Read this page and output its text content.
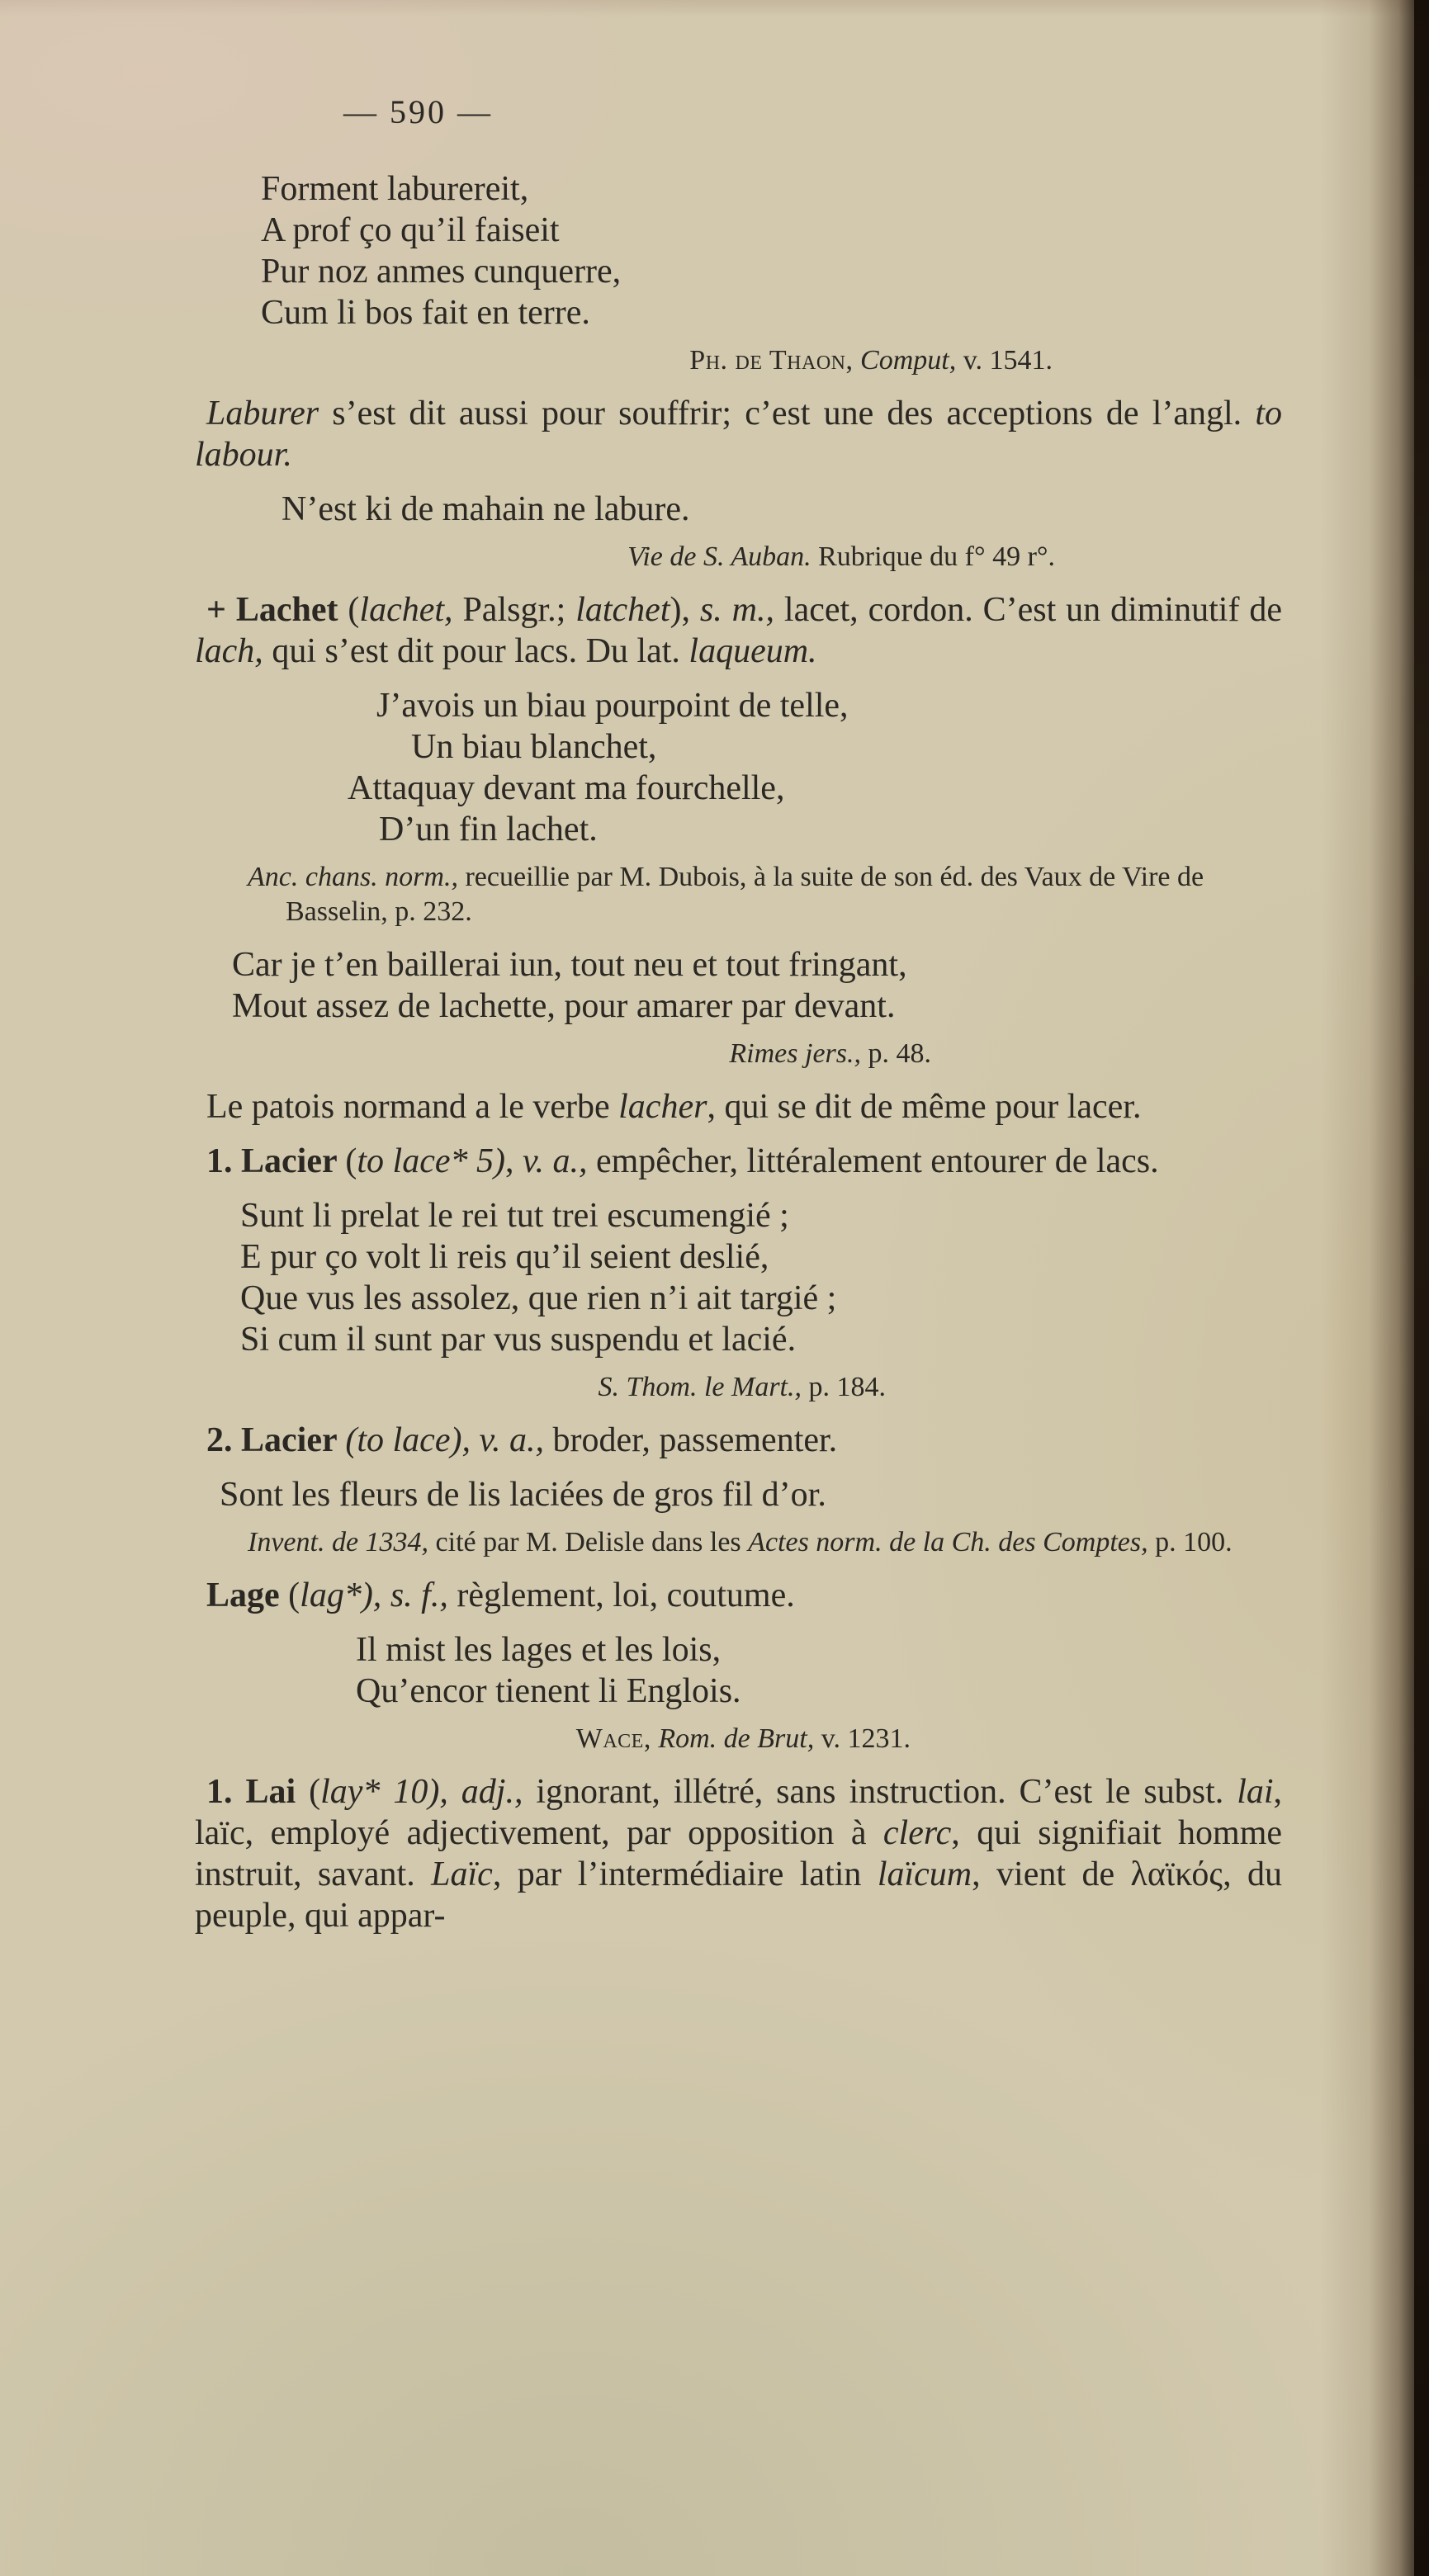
— 590 —
Forment laburereit,
A prof ço qu’il faiseit
Pur noz anmes cunquerre,
Cum li bos fait en terre.
Ph. de Thaon, Comput, v. 1541.
Laburer s’est dit aussi pour souffrir; c’est une des acceptions de l’angl. to labour.
N’est ki de mahain ne labure.
Vie de S. Auban. Rubrique du f° 49 r°.
+ Lachet (lachet, Palsgr.; latchet), s. m., lacet, cordon. C’est un diminutif de lach, qui s’est dit pour lacs. Du lat. laqueum.
J’avois un biau pourpoint de telle,
Un biau blanchet,
Attaquay devant ma fourchelle,
D’un fin lachet.
Anc. chans. norm., recueillie par M. Dubois, à la suite de son éd. des Vaux de Vire de Basselin, p. 232.
Car je t’en baillerai iun, tout neu et tout fringant,
Mout assez de lachette, pour amarer par devant.
Rimes jers., p. 48.
Le patois normand a le verbe lacher, qui se dit de même pour lacer.
1. Lacier (to lace* 5), v. a., empêcher, littéralement entourer de lacs.
Sunt li prelat le rei tut trei escumengié ;
E pur ço volt li reis qu’il seient deslié,
Que vus les assolez, que rien n’i ait targié ;
Si cum il sunt par vus suspendu et lacié.
S. Thom. le Mart., p. 184.
2. Lacier (to lace), v. a., broder, passementer.
Sont les fleurs de lis laciées de gros fil d’or.
Invent. de 1334, cité par M. Delisle dans les Actes norm. de la Ch. des Comptes, p. 100.
Lage (lag*), s. f., règlement, loi, coutume.
Il mist les lages et les lois,
Qu’encor tienent li Englois.
Wace, Rom. de Brut, v. 1231.
1. Lai (lay* 10), adj., ignorant, illétré, sans instruction. C’est le subst. lai, laïc, employé adjectivement, par opposition à clerc, qui signifiait homme instruit, savant. Laïc, par l’intermédiaire latin laïcum, vient de λαϊκός, du peuple, qui appar-
